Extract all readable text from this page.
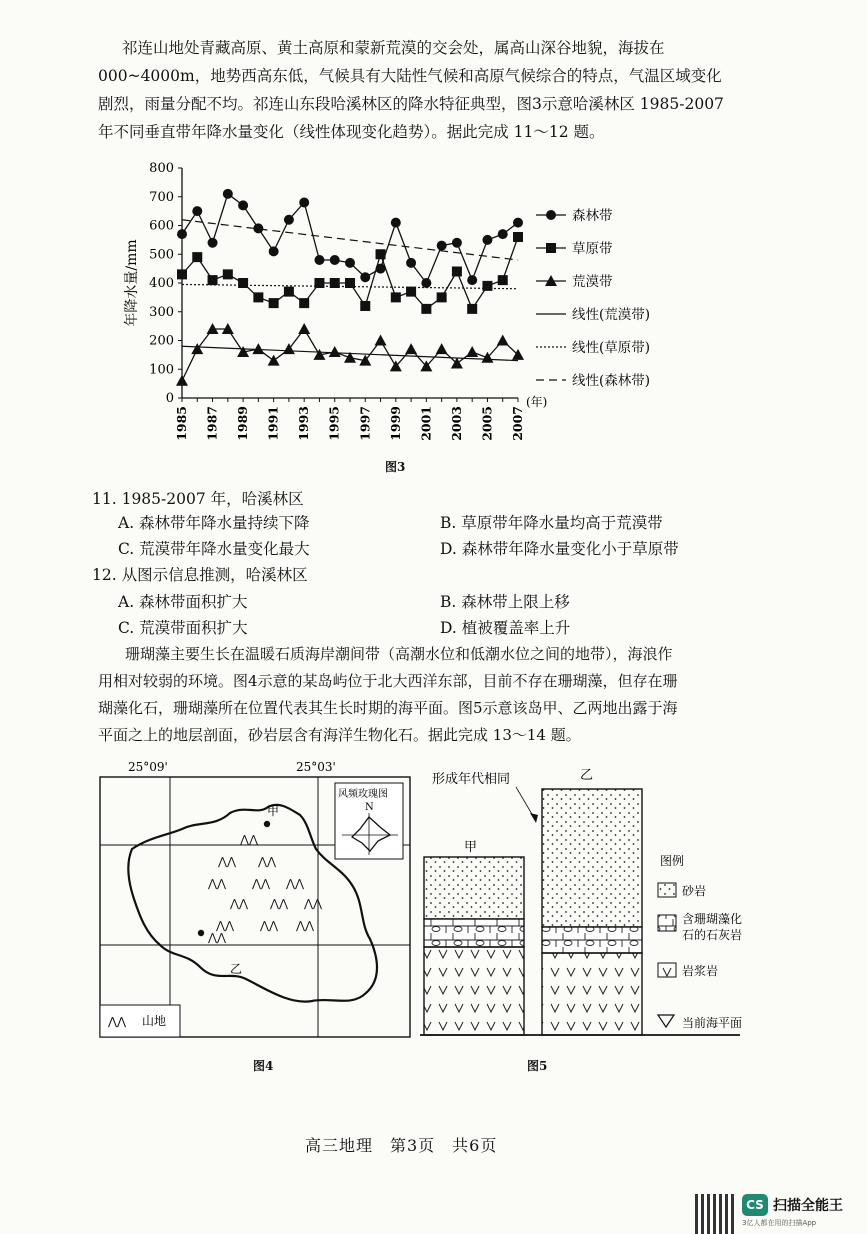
祁连山地处青藏高原、黄土高原和蒙新荒漠的交会处，属高山深谷地貌，海拔在
000~4000m，地势西高东低，气候具有大陆性气候和高原气候综合的特点，气温区域变化
剧烈，雨量分配不均。祁连山东段哈溪林区的降水特征典型，图3示意哈溪林区 1985-2007
年不同垂直带年降水量变化（线性体现变化趋势）。据此完成 11～12 题。
0
100
200
300
400
500
600
700
800
1985 1987 1989 1991 1993 1995 1997 1999 2001 2003 2005 2007
年降水量/mm
(年)
森林带
草原带
荒漠带
线性(荒漠带)
线性(草原带)
线性(森林带)
图3
11. 1985-2007 年，哈溪林区
A. 森林带年降水量持续下降	B. 草原带年降水量均高于荒漠带
C. 荒漠带年降水量变化最大	D. 森林带年降水量变化小于草原带
12. 从图示信息推测，哈溪林区
A. 森林带面积扩大	B. 森林带上限上移
C. 荒漠带面积扩大	D. 植被覆盖率上升
珊瑚藻主要生长在温暖石质海岸潮间带（高潮水位和低潮水位之间的地带），海浪作
用相对较弱的环境。图4示意的某岛屿位于北大西洋东部，目前不存在珊瑚藻，但存在珊
瑚藻化石，珊瑚藻所在位置代表其生长时期的海平面。图5示意该岛甲、乙两地出露于海
平面之上的地层剖面，砂岩层含有海洋生物化石。据此完成 13～14 题。
25°09'	25°03'
⋀⋀
⋀⋀ ⋀⋀
⋀⋀ ⋀⋀ ⋀⋀
⋀⋀ ⋀⋀ ⋀⋀
⋀⋀ ⋀⋀ ⋀⋀
⋀⋀
甲
乙
风频玫瑰图
N
⋀⋀ 山地
图4
形成年代相同	乙
甲
图例
砂岩
含珊瑚藻化
石的石灰岩
岩浆岩
当前海平面
图5
高三地理　第3页　共6页
CS 扫描全能王
3亿人都在用的扫描App
